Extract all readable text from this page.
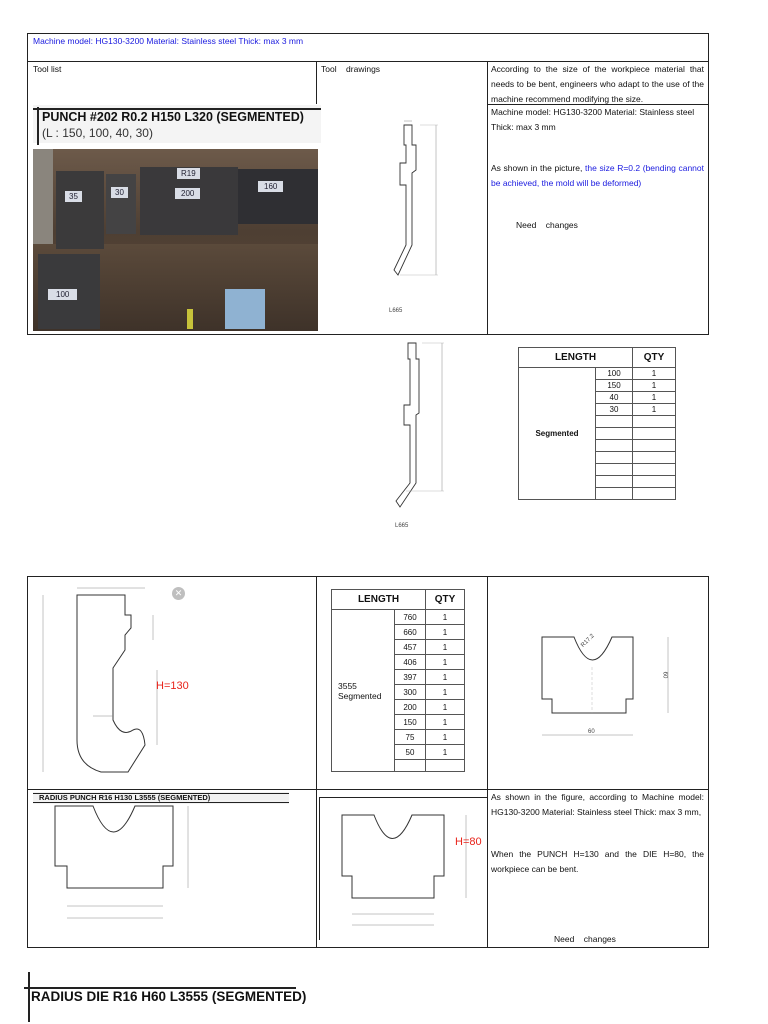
Machine model: HG130-3200 Material: Stainless steel Thick: max 3 mm
Tool list	Tool    drawings	According to the size of the workpiece material that needs to be bent, engineers who adapt to the use of the machine recommend modifying the size.
PUNCH #202 R0.2 H150 L320 (SEGMENTED)
(L : 150, 100, 40, 30)
35	30
R19
200
160
100
L665
Machine model: HG130-3200 Material: Stainless steel Thick: max 3 mm
As shown in the picture, the size R=0.2 (bending cannot be achieved, the mold will be deformed)
Need    changes
L665
LENGTH		QTY
Segmented	100	1
	150	1
	40	1
	30	1

✕
H=130
LENGTH		QTY
3555
Segmented	760	1
	660	1
	457	1
	406	1
	397	1
	300	1
	200	1
	150	1
	75	1
	50	1

R17.2
60
60
RADIUS PUNCH R16 H130 L3555 (SEGMENTED)
H=80
As shown in the figure, according to Machine model: HG130-3200 Material: Stainless steel Thick: max 3 mm,
When the PUNCH H=130 and the DIE H=80, the workpiece can be bent.
Need    changes
RADIUS DIE R16 H60 L3555 (SEGMENTED)
